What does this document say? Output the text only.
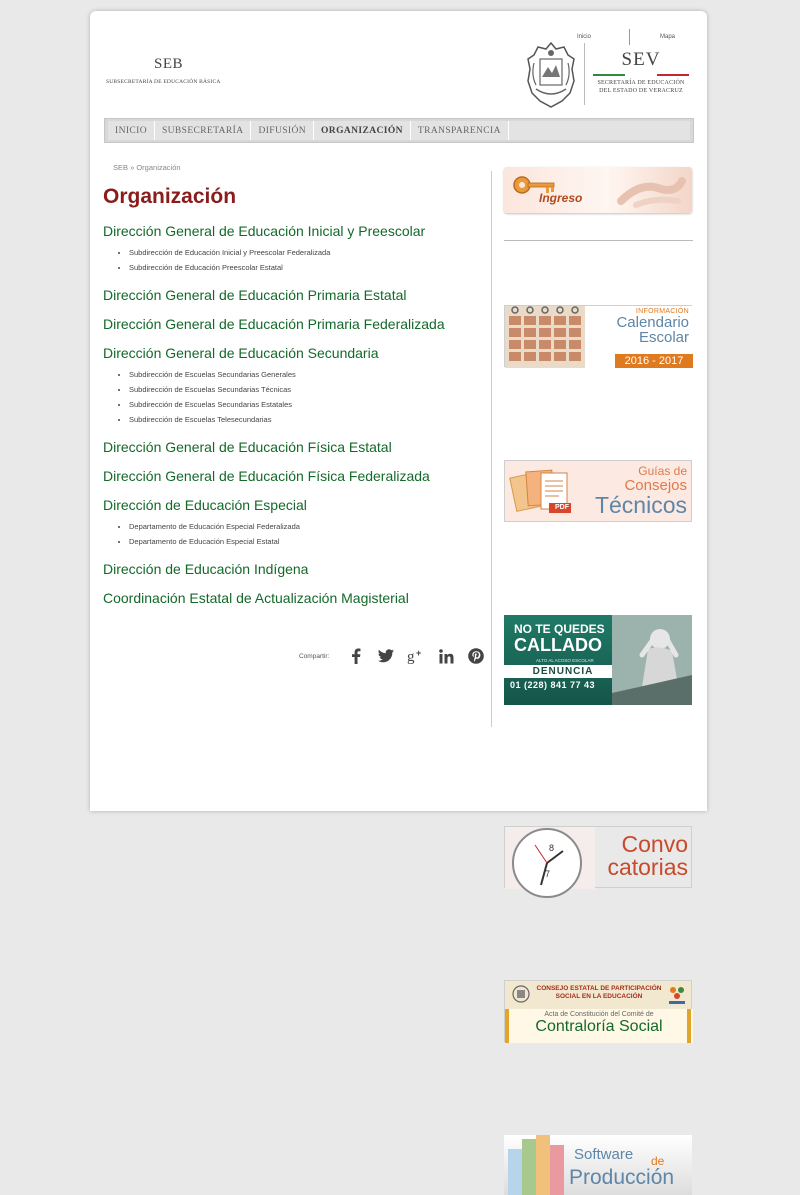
Inicio	Mapa
SEB
SUBSECRETARÍA DE EDUCACIÓN BÁSICA
SEV
SECRETARÍA DE EDUCACIÓN
DEL ESTADO DE VERACRUZ
INICIO	SUBSECRETARÍA	DIFUSIÓN	ORGANIZACIÓN	TRANSPARENCIA
SEB » Organización
Organización
Dirección General de Educación Inicial y Preescolar
• Subdirección de Educación Inicial y Preescolar Federalizada
• Subdirección de Educación Preescolar Estatal
Dirección General de Educación Primaria Estatal
Dirección General de Educación Primaria Federalizada
Dirección General de Educación Secundaria
• Subdirección de Escuelas Secundarias Generales
• Subdirección de Escuelas Secundarias Técnicas
• Subdirección de Escuelas Secundarias Estatales
• Subdirección de Escuelas Telesecundarias
Dirección General de Educación Física Estatal
Dirección General de Educación Física Federalizada
Dirección de Educación Especial
• Departamento de Educación Especial Federalizada
• Departamento de Educación Especial Estatal
Dirección de Educación Indígena
Coordinación Estatal de Actualización Magisterial
Compartir:	g +
Ingreso
INFORMACIÓN
Calendario
Escolar
2016 - 2017
PDF
Guías de
Consejos
Técnicos
NO TE QUEDES
CALLADO
ALTO AL ACOSO ESCOLAR
DENUNCIA
01 (228) 841 77 43
8
7
Convo
catorias
CONSEJO ESTATAL DE PARTICIPACIÓN
SOCIAL EN LA EDUCACIÓN
Acta de Constitución del Comité de
Contraloría Social
Software de
Producción
